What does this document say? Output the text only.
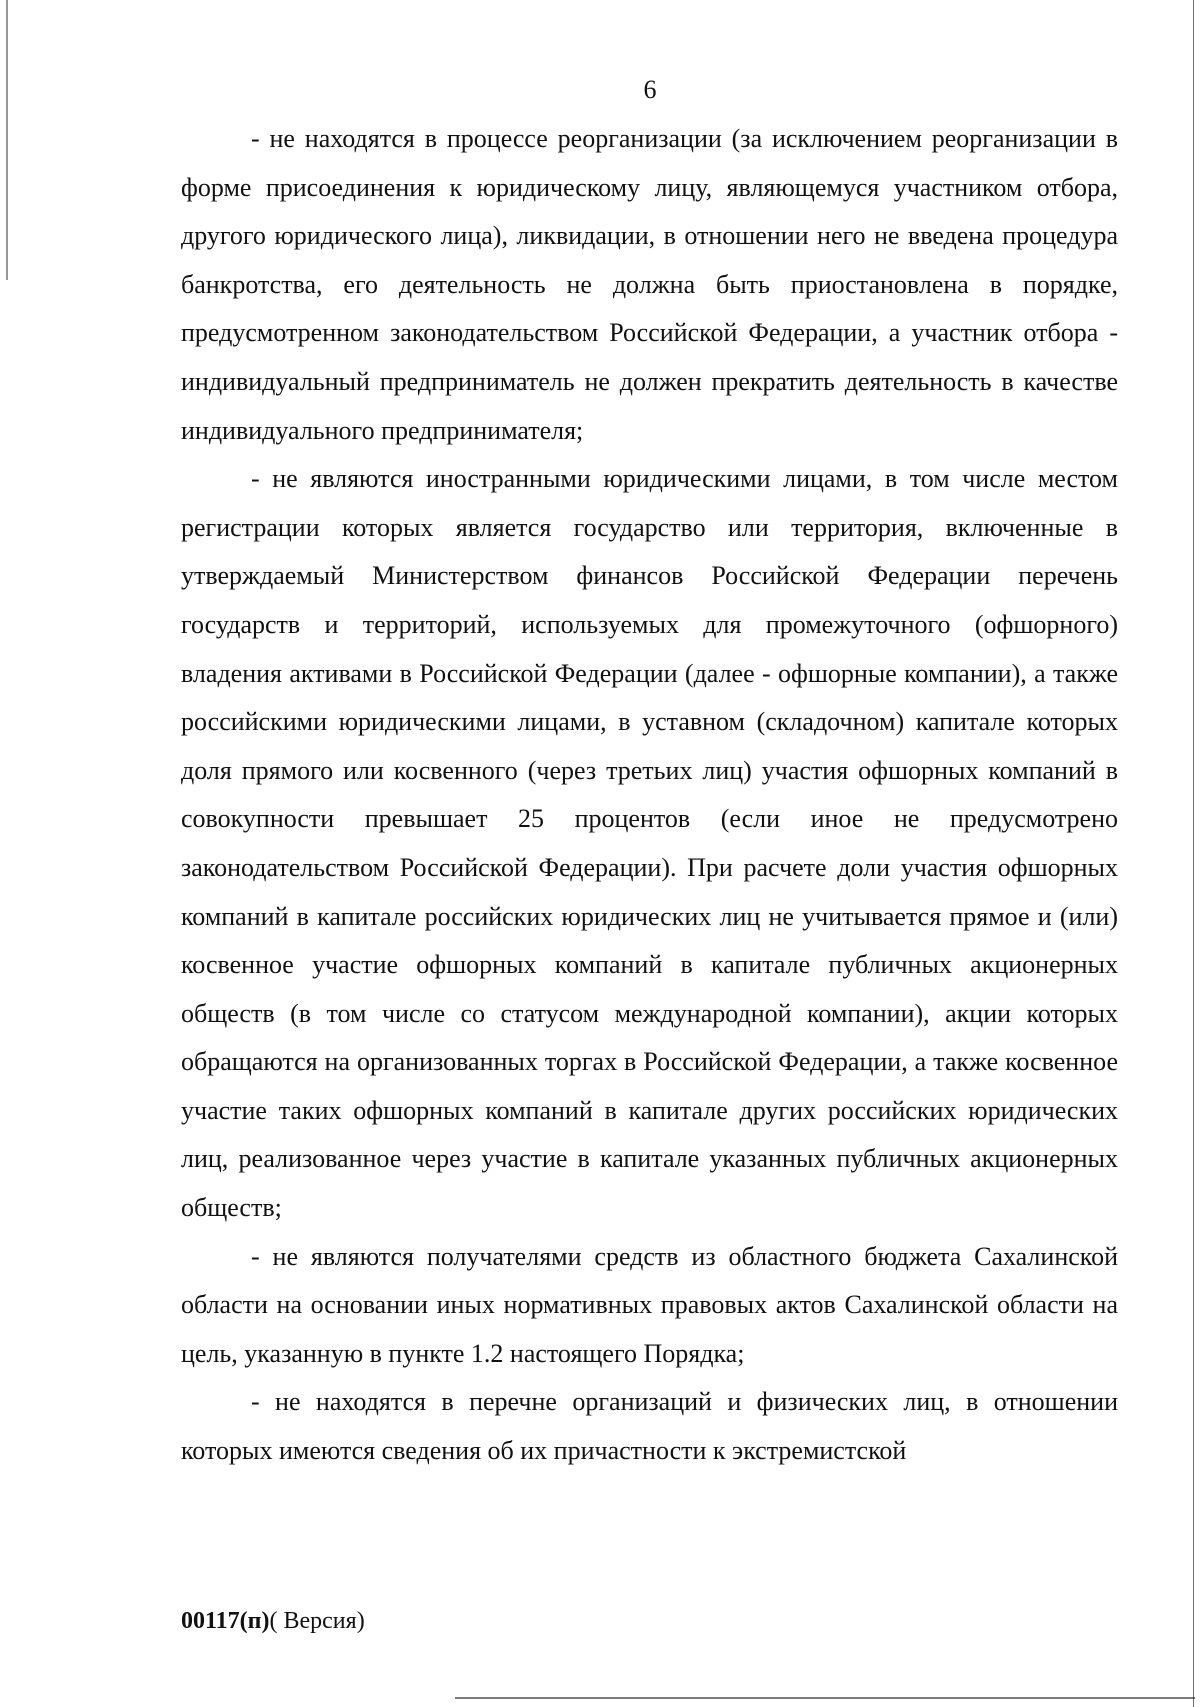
6

- не находятся в процессе реорганизации (за исключением реорганизации в форме присоединения к юридическому лицу, являющемуся участником отбора, другого юридического лица), ликвидации, в отношении него не введена процедура банкротства, его деятельность не должна быть приостановлена в порядке, предусмотренном законодательством Российской Федерации, а участник отбора - индивидуальный предприниматель не должен прекратить деятельность в качестве индивидуального предпринимателя;

- не являются иностранными юридическими лицами, в том числе местом регистрации которых является государство или территория, включенные в утверждаемый Министерством финансов Российской Федерации перечень государств и территорий, используемых для промежуточного (офшорного) владения активами в Российской Федерации (далее - офшорные компании), а также российскими юридическими лицами, в уставном (складочном) капитале которых доля прямого или косвенного (через третьих лиц) участия офшорных компаний в совокупности превышает 25 процентов (если иное не предусмотрено законодательством Российской Федерации). При расчете доли участия офшорных компаний в капитале российских юридических лиц не учитывается прямое и (или) косвенное участие офшорных компаний в капитале публичных акционерных обществ (в том числе со статусом международной компании), акции которых обращаются на организованных торгах в Российской Федерации, а также косвенное участие таких офшорных компаний в капитале других российских юридических лиц, реализованное через участие в капитале указанных публичных акционерных обществ;

- не являются получателями средств из областного бюджета Сахалинской области на основании иных нормативных правовых актов Сахалинской области на цель, указанную в пункте 1.2 настоящего Порядка;

- не находятся в перечне организаций и физических лиц, в отношении которых имеются сведения об их причастности к экстремистской

00117(п)( Версия)
